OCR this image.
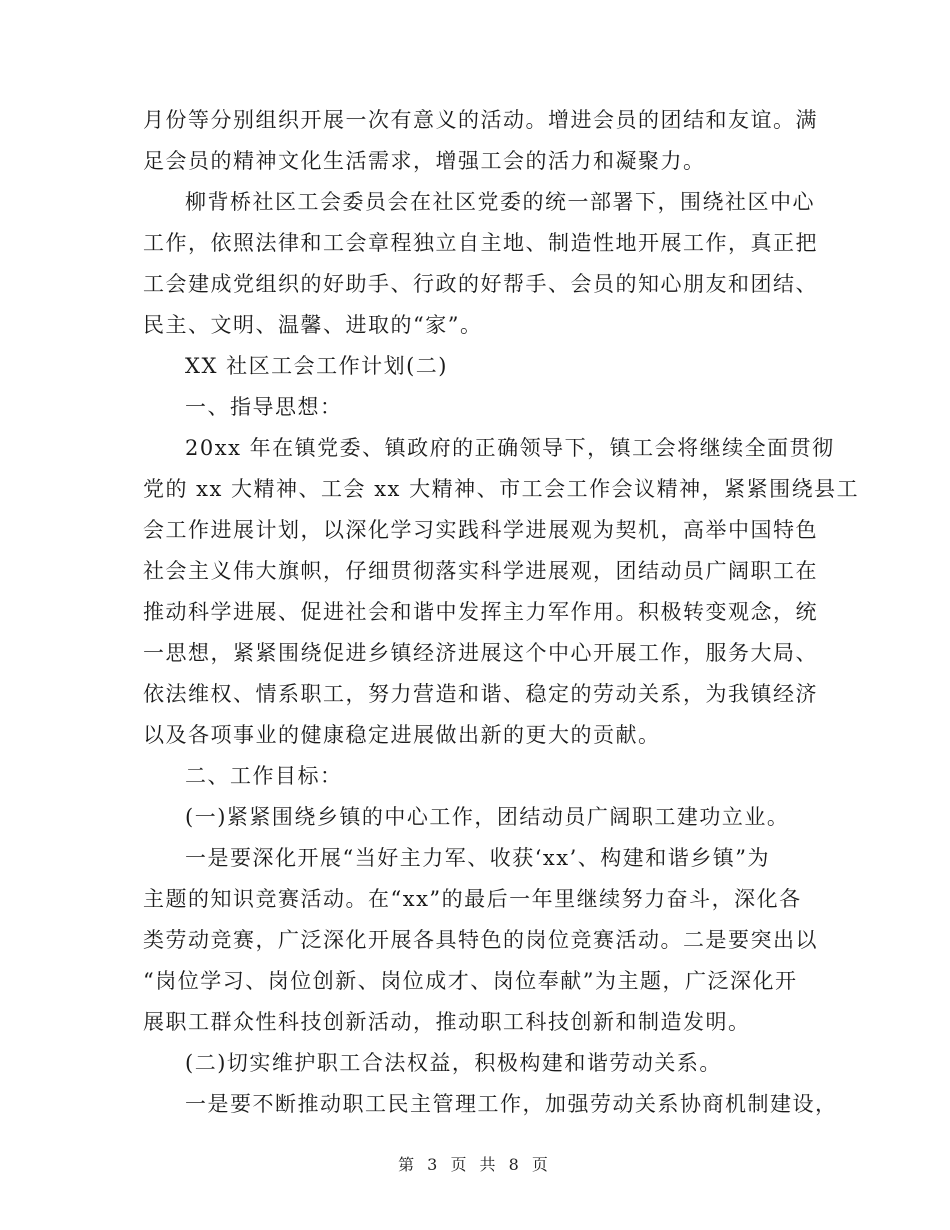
月份等分别组织开展一次有意义的活动。增进会员的团结和友谊。满
足会员的精神文化生活需求，增强工会的活力和凝聚力。
柳背桥社区工会委员会在社区党委的统一部署下，围绕社区中心
工作，依照法律和工会章程独立自主地、制造性地开展工作，真正把
工会建成党组织的好助手、行政的好帮手、会员的知心朋友和团结、
民主、文明、温馨、进取的“家”。
XX 社区工会工作计划(二)
一、指导思想：
20xx 年在镇党委、镇政府的正确领导下，镇工会将继续全面贯彻
党的 xx 大精神、工会 xx 大精神、市工会工作会议精神，紧紧围绕县工
会工作进展计划，以深化学习实践科学进展观为契机，高举中国特色
社会主义伟大旗帜，仔细贯彻落实科学进展观，团结动员广阔职工在
推动科学进展、促进社会和谐中发挥主力军作用。积极转变观念，统
一思想，紧紧围绕促进乡镇经济进展这个中心开展工作，服务大局、
依法维权、情系职工，努力营造和谐、稳定的劳动关系，为我镇经济
以及各项事业的健康稳定进展做出新的更大的贡献。
二、工作目标：
(一)紧紧围绕乡镇的中心工作，团结动员广阔职工建功立业。
一是要深化开展“当好主力军、收获‘xx’、构建和谐乡镇”为
主题的知识竞赛活动。在“xx”的最后一年里继续努力奋斗，深化各
类劳动竞赛，广泛深化开展各具特色的岗位竞赛活动。二是要突出以
“岗位学习、岗位创新、岗位成才、岗位奉献”为主题，广泛深化开
展职工群众性科技创新活动，推动职工科技创新和制造发明。
(二)切实维护职工合法权益，积极构建和谐劳动关系。
一是要不断推动职工民主管理工作，加强劳动关系协商机制建设，
第 3 页 共 8 页
